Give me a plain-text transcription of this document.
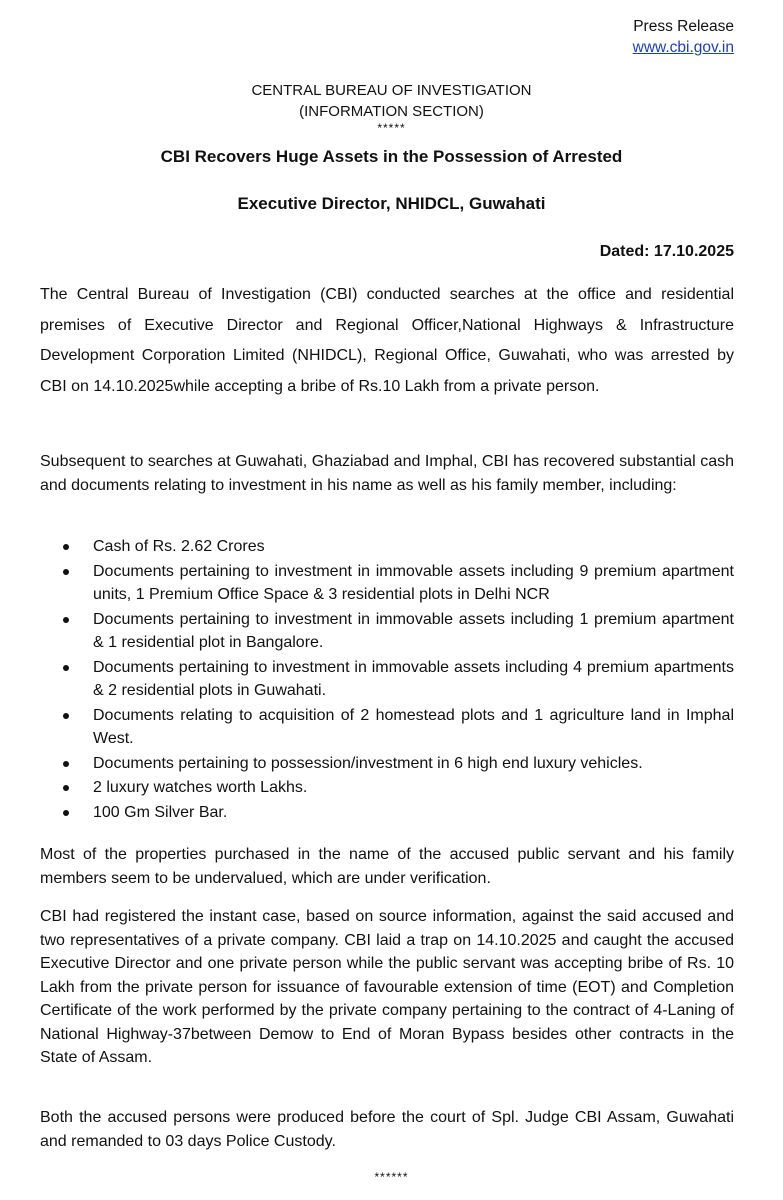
Press Release
www.cbi.gov.in
CENTRAL BUREAU OF INVESTIGATION
(INFORMATION SECTION)
*****
CBI Recovers Huge Assets in the Possession of Arrested
Executive Director, NHIDCL, Guwahati
Dated: 17.10.2025
The Central Bureau of Investigation (CBI) conducted searches at the office and residential premises of Executive Director and Regional Officer,National Highways & Infrastructure Development Corporation Limited (NHIDCL), Regional Office, Guwahati, who was arrested by CBI on 14.10.2025while accepting a bribe of Rs.10 Lakh from a private person.
Subsequent to searches at Guwahati, Ghaziabad and Imphal, CBI has recovered substantial cash and documents relating to investment in his name as well as his family member, including:
Cash of Rs. 2.62 Crores
Documents pertaining to investment in immovable assets including 9 premium apartment units, 1 Premium Office Space & 3 residential plots in Delhi NCR
Documents pertaining to investment in immovable assets including 1 premium apartment & 1 residential plot in Bangalore.
Documents pertaining to investment in immovable assets including 4 premium apartments & 2 residential plots in Guwahati.
Documents relating to acquisition of 2 homestead plots and 1 agriculture land in Imphal West.
Documents pertaining to possession/investment in 6 high end luxury vehicles.
2 luxury watches worth Lakhs.
100 Gm Silver Bar.
Most of the properties purchased in the name of the accused public servant and his family members seem to be undervalued, which are under verification.
CBI had registered the instant case, based on source information, against the said accused and two representatives of a private company. CBI laid a trap on 14.10.2025 and caught the accused Executive Director and one private person while the public servant was accepting bribe of Rs. 10 Lakh from the private person for issuance of favourable extension of time (EOT) and Completion Certificate of the work performed by the private company pertaining to the contract of 4-Laning of National Highway-37between Demow to End of Moran Bypass besides other contracts in the State of Assam.
Both the accused persons were produced before the court of Spl. Judge CBI Assam, Guwahati and remanded to 03 days Police Custody.
******
